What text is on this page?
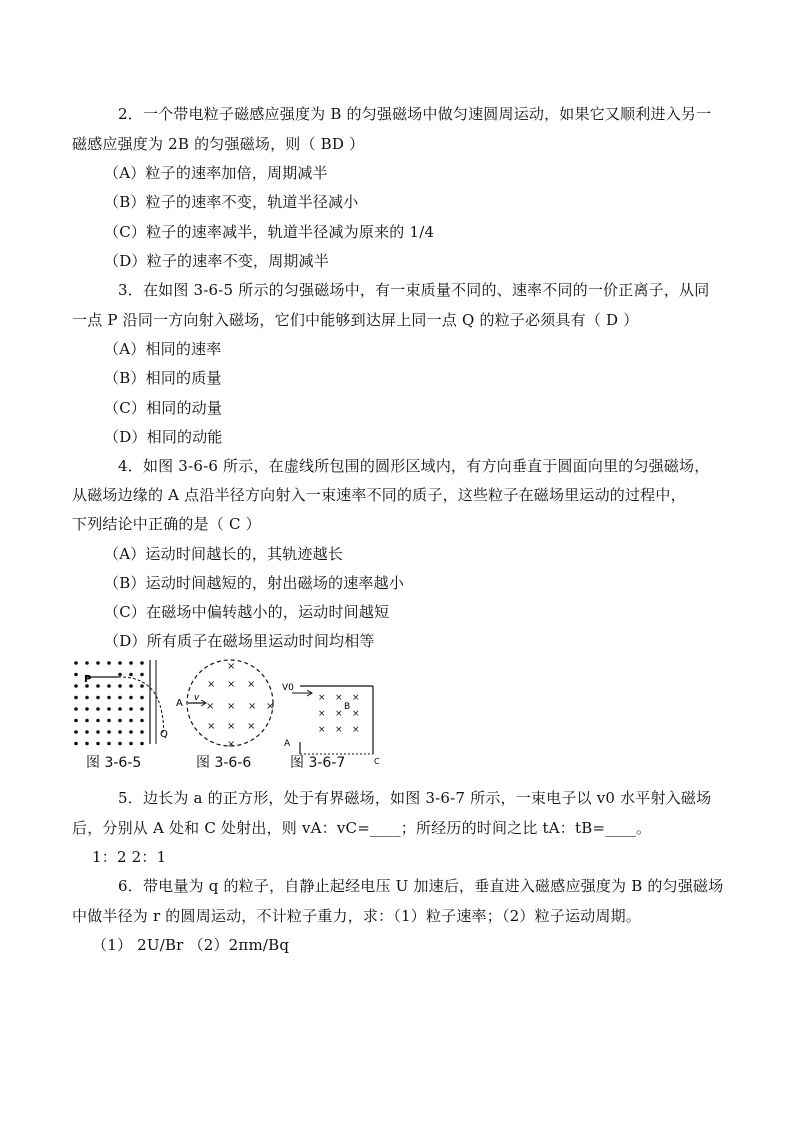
2．一个带电粒子磁感应强度为 B 的匀强磁场中做匀速圆周运动，如果它又顺利进入另一
磁感应强度为 2B 的匀强磁场，则（ BD ）
（A）粒子的速率加倍，周期减半
（B）粒子的速率不变，轨道半径减小
（C）粒子的速率减半，轨道半径减为原来的 1/4
（D）粒子的速率不变，周期减半
3．在如图 3-6-5 所示的匀强磁场中，有一束质量不同的、速率不同的一价正离子，从同
一点 P 沿同一方向射入磁场，它们中能够到达屏上同一点 Q 的粒子必须具有（ D ）
（A）相同的速率
（B）相同的质量
（C）相同的动量
（D）相同的动能
4．如图 3-6-6 所示，在虚线所包围的圆形区域内，有方向垂直于圆面向里的匀强磁场，
从磁场边缘的 A 点沿半径方向射入一束速率不同的质子，这些粒子在磁场里运动的过程中，
下列结论中正确的是（ C ）
（A）运动时间越长的，其轨迹越长
（B）运动时间越短的，射出磁场的速率越小
（C）在磁场中偏转越小的，运动时间越短
（D）所有质子在磁场里运动时间均相等
P
Q
×
× × ×
× × ×
× × ×
×
×
A v	× × ×
× × ×
× × ×
V0
B
A
C
图 3-6-5	图 3-6-6	图 3-6-7
5．边长为 a 的正方形，处于有界磁场，如图 3-6-7 所示，一束电子以 v0 水平射入磁场
后，分别从 A 处和 C 处射出，则 vA：vC=____；所经历的时间之比 tA：tB=____。
1：2 2：1
6．带电量为 q 的粒子，自静止起经电压 U 加速后，垂直进入磁感应强度为 B 的匀强磁场
中做半径为 r 的圆周运动，不计粒子重力，求：（1）粒子速率；（2）粒子运动周期。
（1） 2U/Br （2）2πm/Bq
